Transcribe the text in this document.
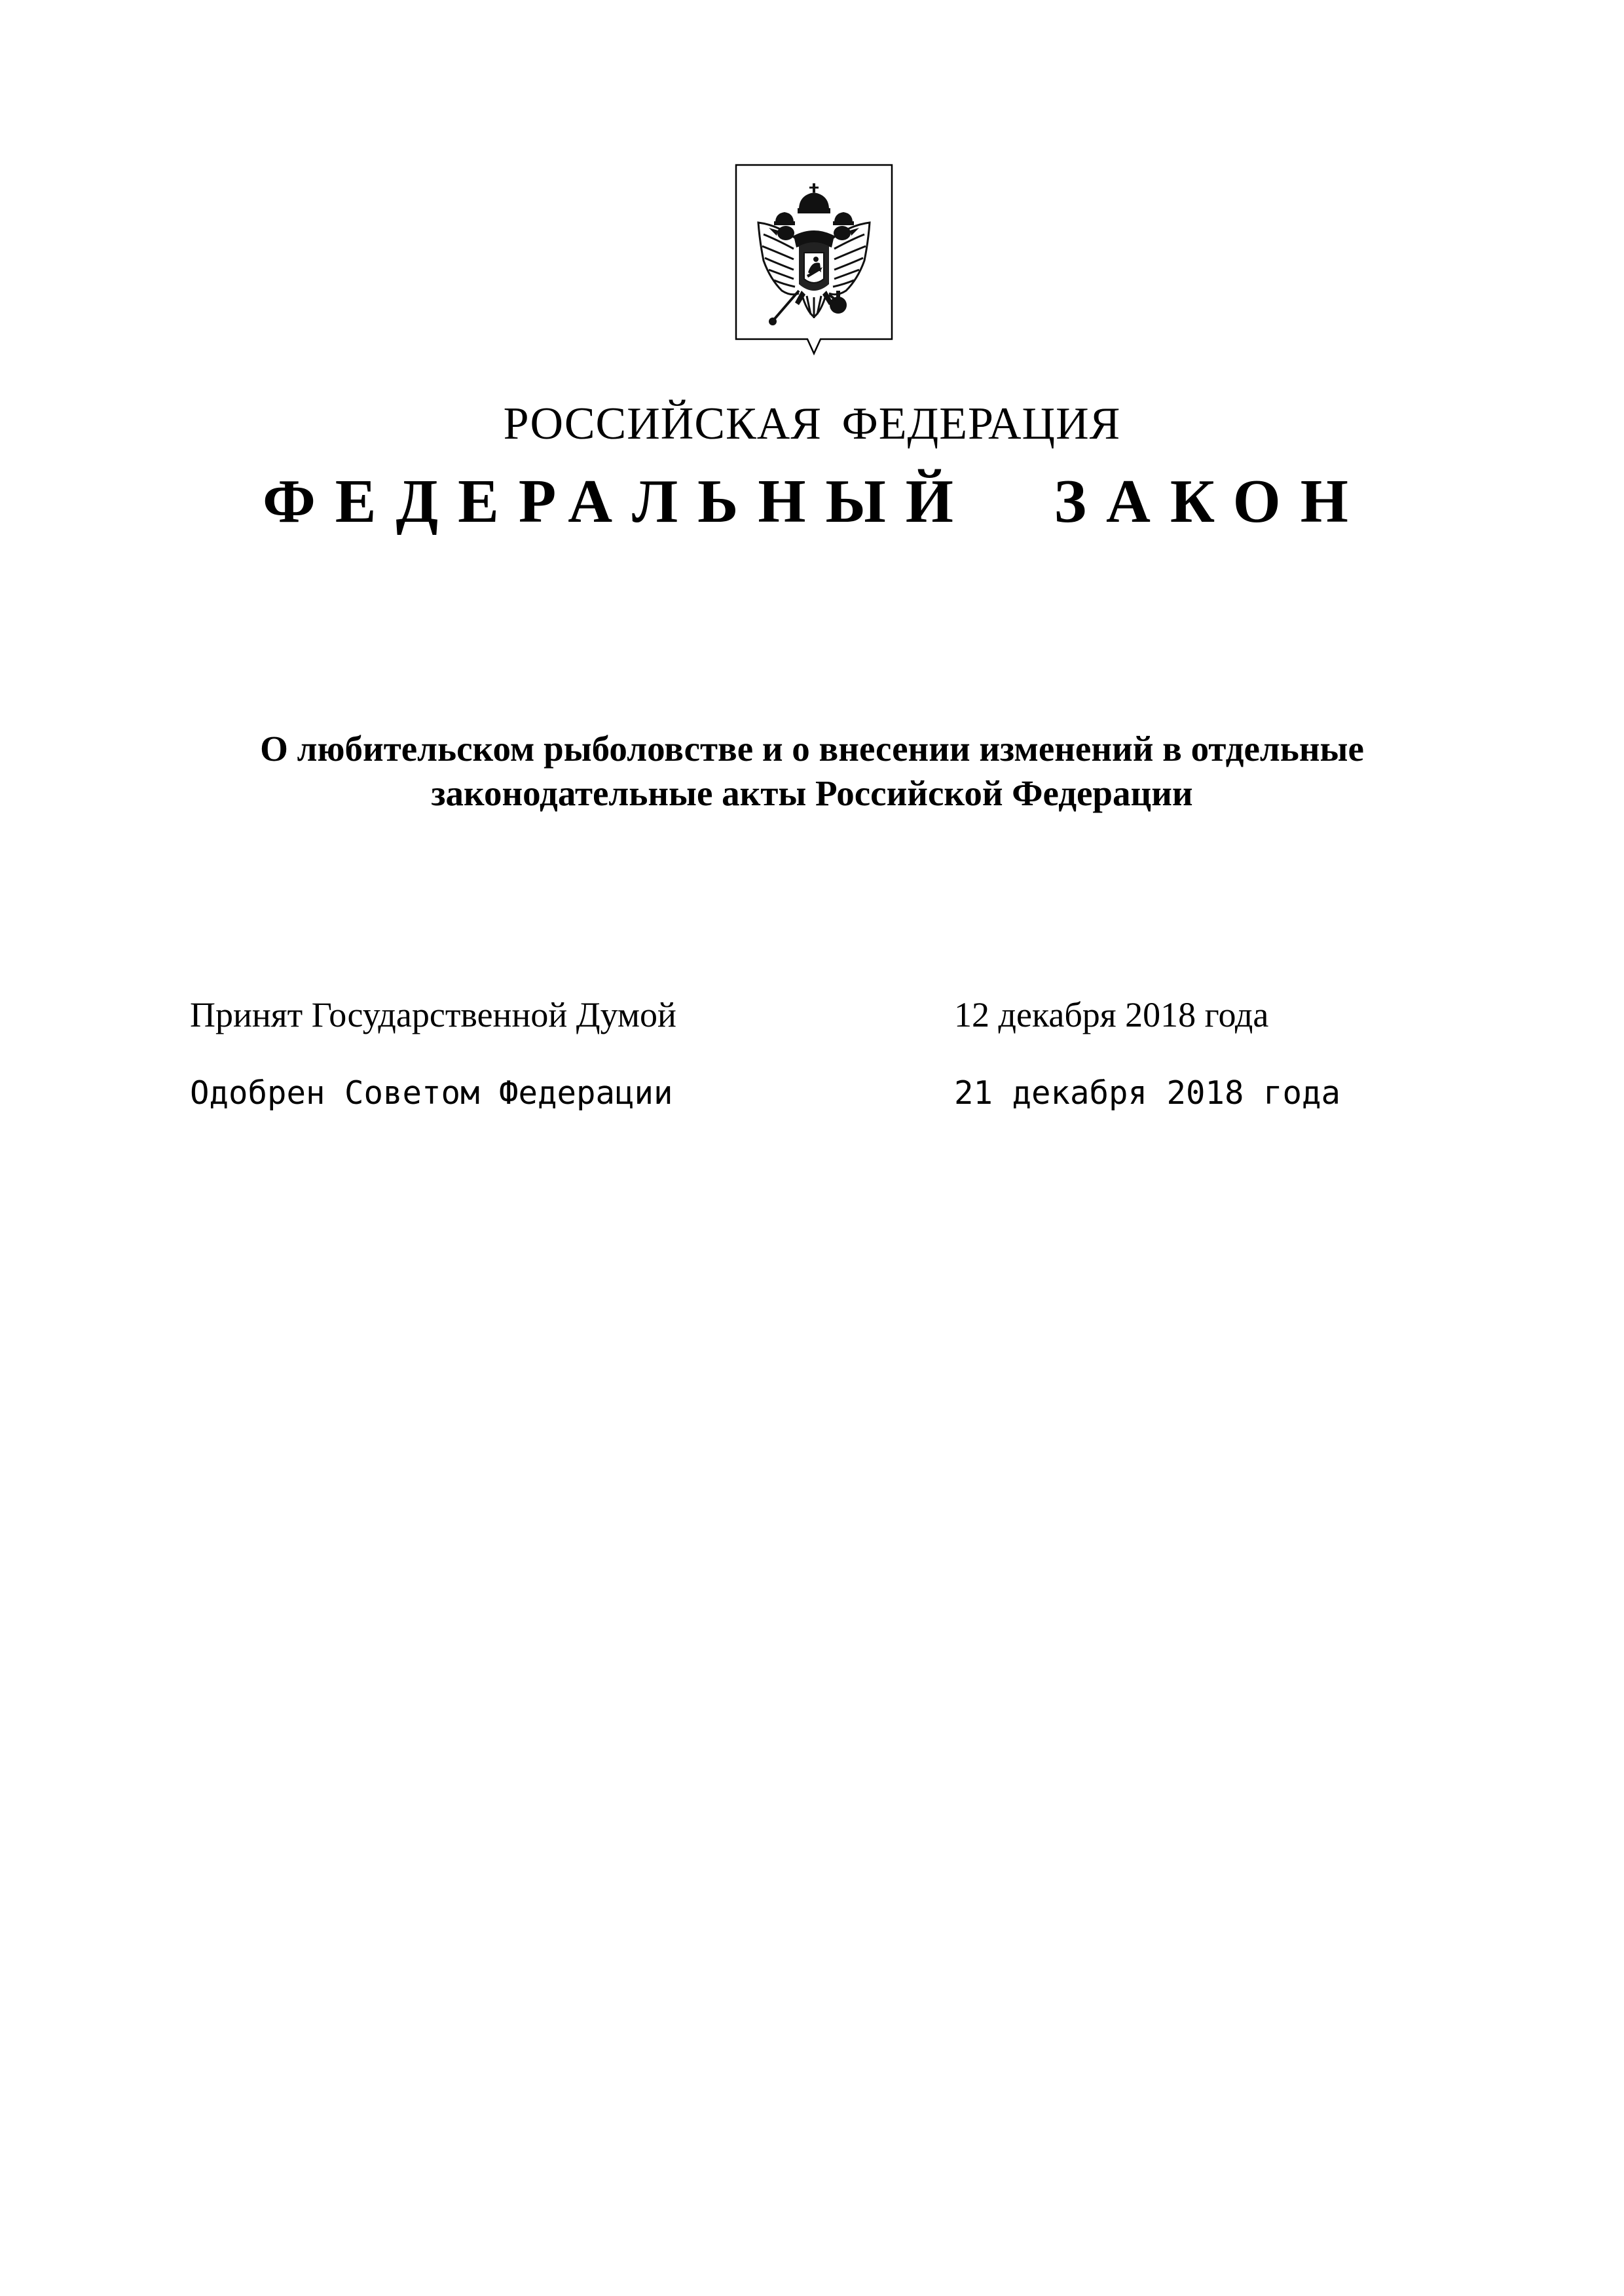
РОССИЙСКАЯ ФЕДЕРАЦИЯ
ФЕДЕРАЛЬНЫЙ ЗАКОН
О любительском рыболовстве и о внесении изменений в отдельные
законодательные акты Российской Федерации
Принят Государственной Думой	12 декабря 2018 года
Одобрен Советом Федерации	21 декабря 2018 года
